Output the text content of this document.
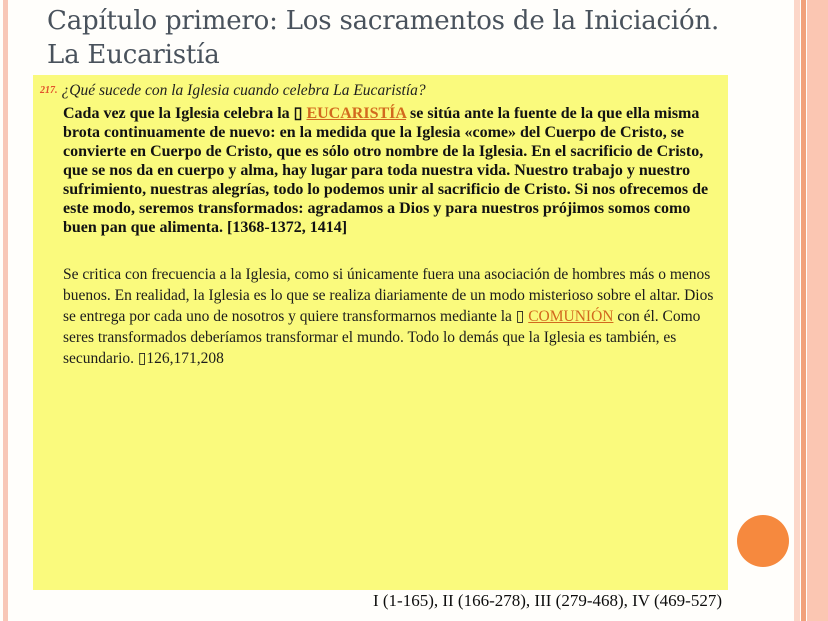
Capítulo primero: Los sacramentos de la Iniciación.
La Eucaristía
217. ¿Qué sucede con la Iglesia cuando celebra La Eucaristía?

Cada vez que la Iglesia celebra la ▯ EUCARISTÍA se sitúa ante la fuente de la que ella misma brota continuamente de nuevo: en la medida que la Iglesia «come» del Cuerpo de Cristo, se convierte en Cuerpo de Cristo, que es sólo otro nombre de la Iglesia. En el sacrificio de Cristo, que se nos da en cuerpo y alma, hay lugar para toda nuestra vida. Nuestro trabajo y nuestro sufrimiento, nuestras alegrías, todo lo podemos unir al sacrificio de Cristo. Si nos ofrecemos de este modo, seremos transformados: agradamos a Dios y para nuestros prójimos somos como buen pan que alimenta. [1368-1372, 1414]

Se critica con frecuencia a la Iglesia, como si únicamente fuera una asociación de hombres más o menos buenos. En realidad, la Iglesia es lo que se realiza diariamente de un modo misterioso sobre el altar. Dios se entrega por cada uno de nosotros y quiere transformarnos mediante la ▯ COMUNIÓN con él. Como seres transformados deberíamos transformar el mundo. Todo lo demás que la Iglesia es también, es secundario. ▯126,171,208

I (1-165), II (166-278), III (279-468), IV (469-527)
